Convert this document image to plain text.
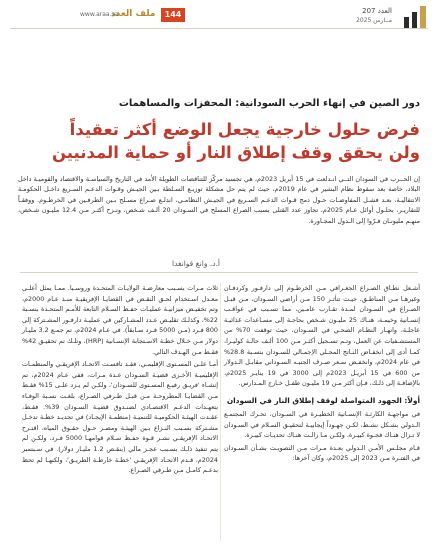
العدد 207
مــارس 2025
144
ملف العدد
www.araa.sa
دور الصين في إنهاء الحرب السودانية: المحفزات والمساهمات
فرض حلول خارجية يجعل الوضع أكثر تعقيداً
ولن يحقق وقف إطلاق النار أو حماية المدنيين
إن الحــرب في السودان التــي انـدلعت في 15 أبريل 2023م، هي تجسيد مركّز للتناقضات الطويلة الأمد في التاريخ والسياسـة والاقتصاد والقوميـة داخل البلاد، خاصة بعد سقوط نظام البشير في عام 2019م، حيث لم يتم حل مشكلة توزيـع السـلطة بـين الجيـش وقـوات الدعـم السـريع داخـل الحكومـة الانتقاليـة، بعـد فشـل المفاوضـات حـول دمج قـوات الدعـم السـريع في الجيـش النظامـي، اندلـع صـراع مسـلح بـين الطرفـين في الخرطـوم. ووفقـاً للتقاريـر، بحلـول أوائل عـام 2025م، تجاوز عدد القتلى بسبب الصراع المسلح في السـودان 20 ألـف شـخص، ونـزح أكثـر مـن 12.4 مليـون شـخص، منهـم مليونـان فـرّوا إلى الـدول المجـاورة.
أ.د. وانغ قوانغدا

أشـعل نطـاق الصـراع الجغـرافي مـن الخرطـوم إلى دارفـور وكردفـان وغيرهـا مـن المناطـق، حيـث تتأثـر 150 مـن أراضي السـودان، مـن قبـل الصـراع في السـودان لمـدة تقـارب عامـين، مما تسـبب في عواقـب إنسـانية وخيمـة، هنـاك 25 مليـون شـخص بحاجـة إلى مسـاعدات غذائيـة عاجلـة، وانهـار النظـام الصحـي في السـودان، حيث توقفت 70% من المستشـفيات عن العمل، وتـم تسـجيل أكثـر مـن 100 ألـف حالـة كوليـرا، كمـا أدى إلى انخفـاض النـاتج المحـلي الإجمـالي للسـودان بنسـبة 28.8% في عام 2024م، وانخفـض سـعر صـرف الجنيـه السـوداني مقابـل الـدولار من 600 في 15 أبريـل 2023م إلى 3000 في 19 ينايـر 2025م، بالإضافـة إلى ذلـك، فـإن أكثر مـن 19 مليـون طفـل خـارج المـدارس.

أولاً: الجهود المتواصلة لوقف إطلاق النار في السودان

في مواجهـة الكارثـة الإنسـانية الخطيـرة في السـودان، تحـرك المجتمـع الـدولي بشـكل نشـط، لكـن جهـوداً إيجابيـة لتحقيـق السـلام في السـودان لا تـزال هنـاك فجـوة كبيـرة، ولكـن مـا زالـت هنـاك تحديـات كبيـرة.

قـام مجلـس الأمـن الـدولي بعـدة مـرات مـن التصويـت بشـأن السـودان في الفتـرة مـن 2023 إلى 2025م، وكان آخرها:

ثلاث مـرات بسـبب معارضـة الولايـات المتحـدة وروسـيا. ممـا يمثل أعلـى معـدل اسـتخدام لحـق النقـض في القضايـا الإفريقيـة منـذ عـام 2000م، وتم تخفيـض ميزانيـة عمليـات حفـظ السـلام التابعة للأمـم المتحـدة بنسـبة 22%، وكذلـك تقليـص عـدد المشـاركين في عمليـة دارفـور المشـتركة إلى 800 فـرد (مـن 5000 فـرد سـابقاً). في عـام 2024م، تم جمـع 3.2 مليـار دولار مـن خـلال خطـة الاسـتجابة الإنسـانية (HRP)، وتلـك تم تحقيـق 42% فقـط مـن الهـدف التالي.

أمـا علـى المسـتوى الإقليمـي، فقـد نافسـت الاتحـاد الإفريقـي والمنظمـات الإقليميـة الأخـرى قضيـة السـودان عـدة مـرات، ففي عـام 2024م، تم إنشـاء 'فريـق رفيـع المسـتوى للسـودان'، ولكـن لم يـزد علـى 15% فقـط مـن القضايـا المطروحـة مـن قبـل طـرفي الصـراع، بلغـت نسـبة الوفـاء بتعهـدات الدعـم الاقتصـادي لصنـدوق قضيـة السـودان 39%. فقـط، عقـدت الهيئـة الحكوميـة للتنميـة (منظمـة الإيجـاد) في تجديـد خطـة تدخـل مشـتركة بسـبب النـزاع بـين الهيئـة ومصـر حـول حقـوق المياه، اقتـرح الاتحـاد الإفريقـي نشـر قـوة حفـظ سـلام قوامهـا 5000 فـرد، ولكـن لم يتم تنفيذ ذلـك بسـبب عجـز مالي (بنقـص 1.2 مليـار دولار). في سـبتمبر 2024م، قـدم الاتحـاد الإفريقـي 'خطـة خارطـة الطريـق'، ولكنهـا لم تحظ بدعـم كامـل مـن طـرفي الصـراع.
